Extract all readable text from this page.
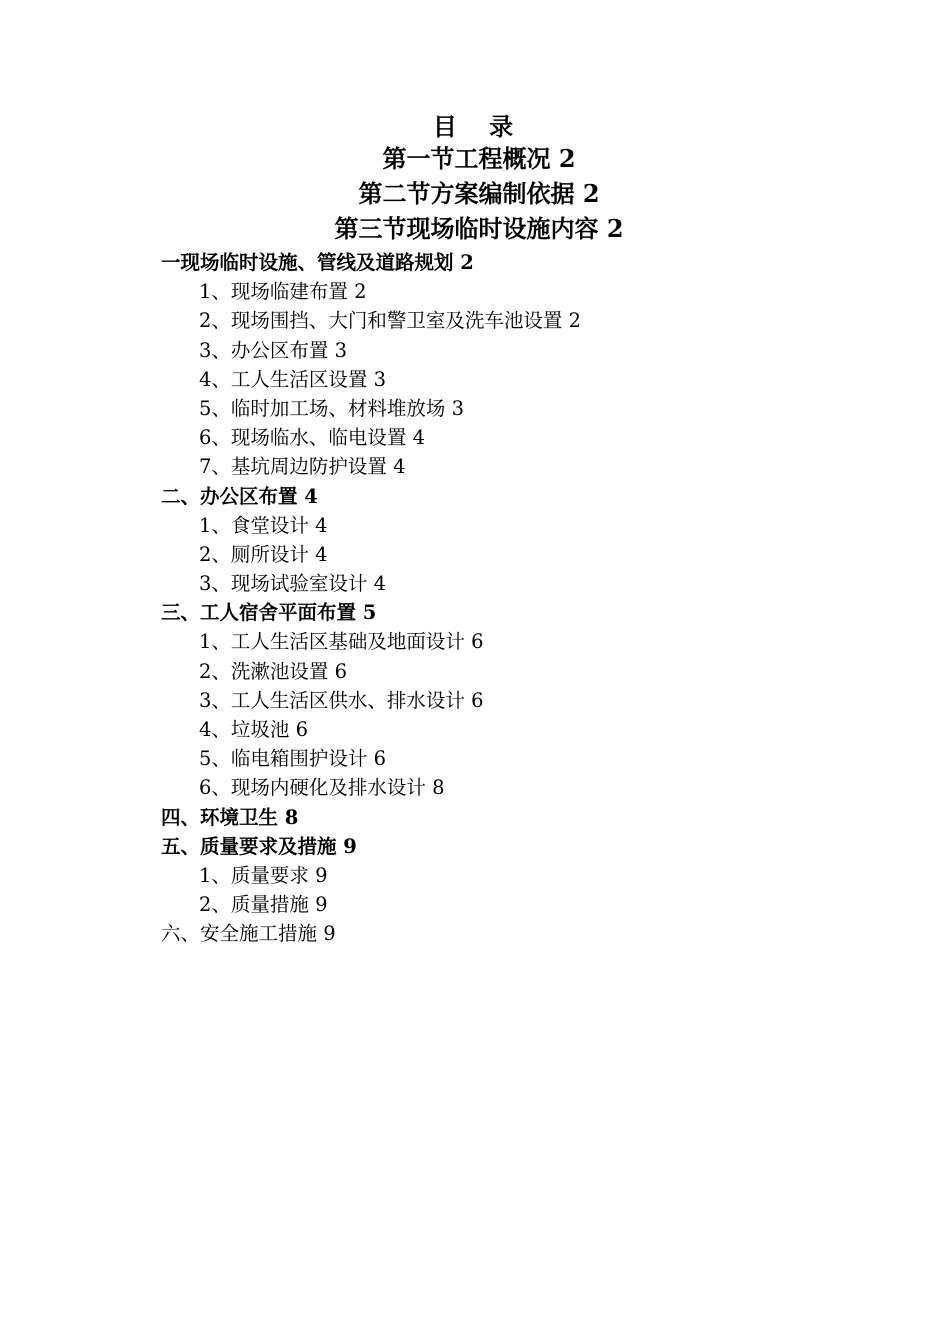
目 录
第一节工程概况 2
第二节方案编制依据 2
第三节现场临时设施内容 2
一现场临时设施、管线及道路规划 2
1、现场临建布置 2
2、现场围挡、大门和警卫室及洗车池设置 2
3、办公区布置 3
4、工人生活区设置 3
5、临时加工场、材料堆放场 3
6、现场临水、临电设置 4
7、基坑周边防护设置 4
二、办公区布置 4
1、食堂设计 4
2、厕所设计 4
3、现场试验室设计 4
三、工人宿舍平面布置 5
1、工人生活区基础及地面设计 6
2、洗漱池设置 6
3、工人生活区供水、排水设计 6
4、垃圾池 6
5、临电箱围护设计 6
6、现场内硬化及排水设计 8
四、环境卫生 8
五、质量要求及措施 9
1、质量要求 9
2、质量措施 9
六、安全施工措施 9
